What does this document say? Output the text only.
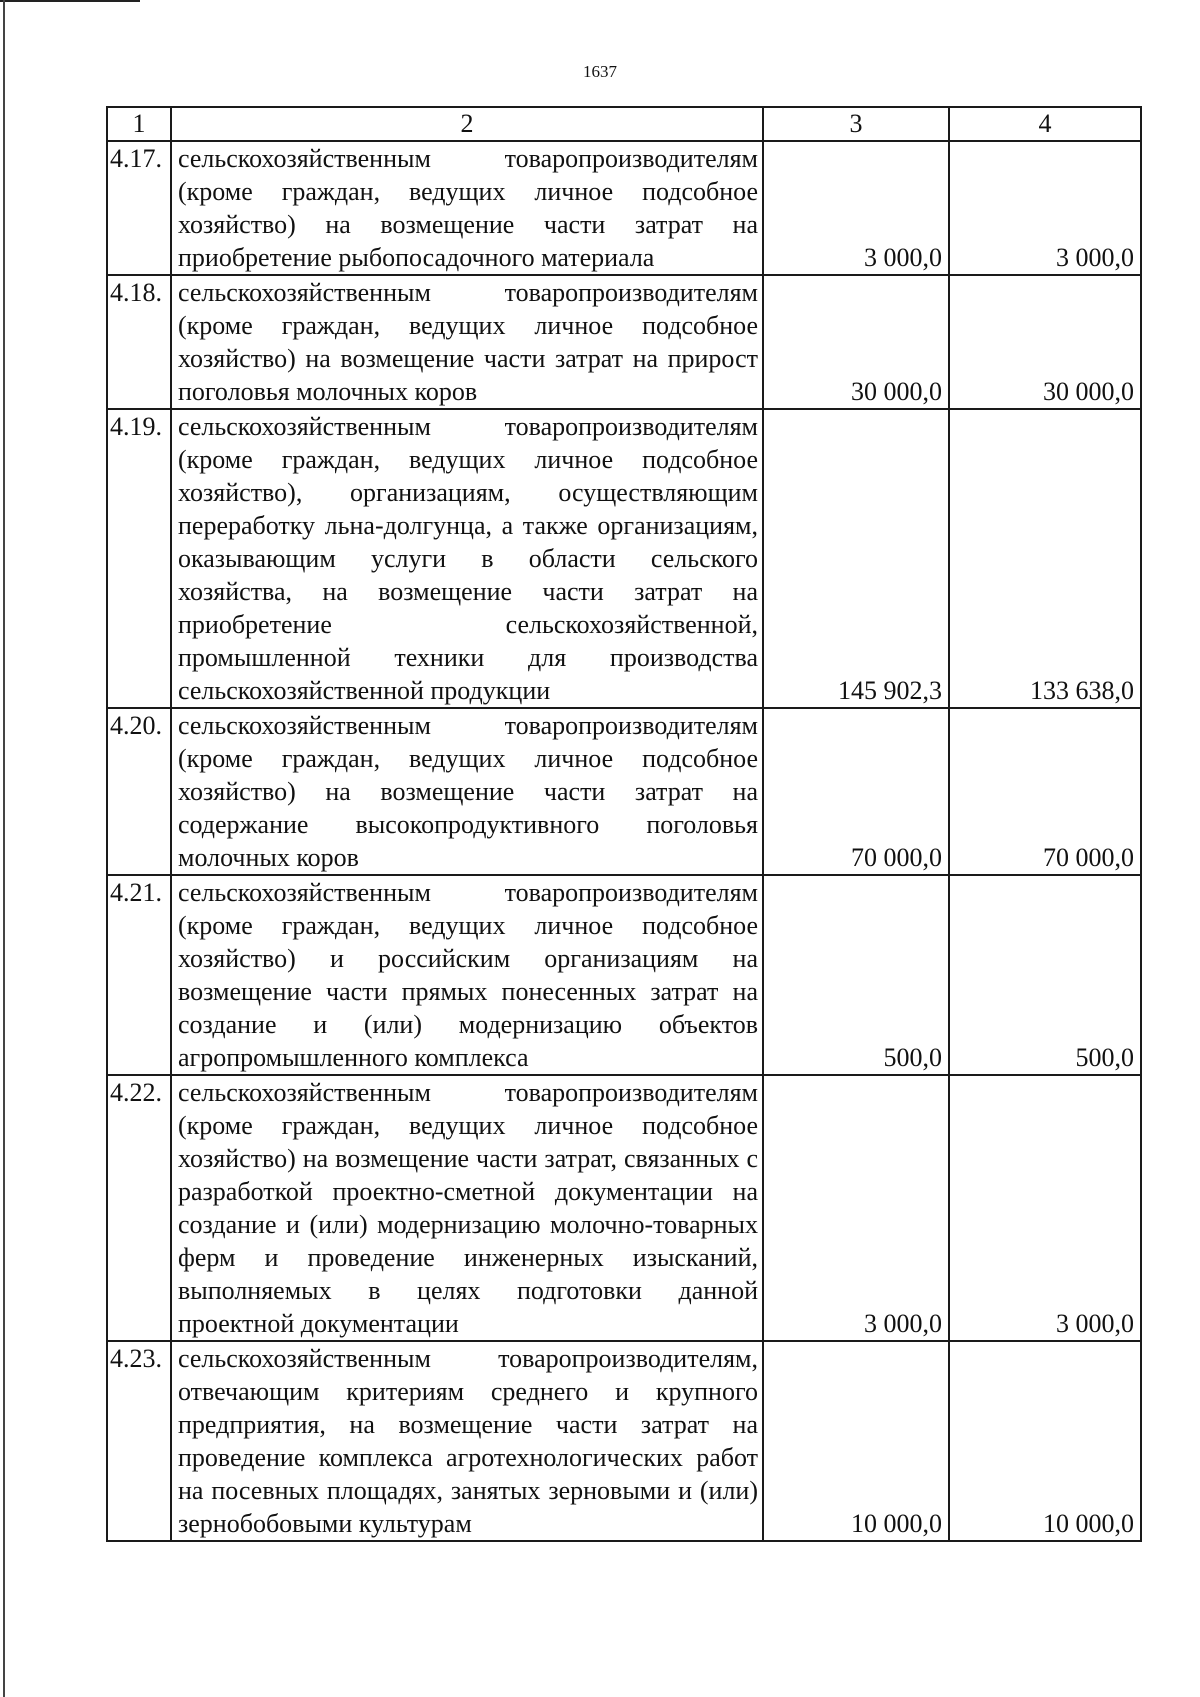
1637
1	2	3	4
4.17.	сельскохозяйственным товаропроизводителям (кроме граждан, ведущих личное подсобное хозяйство) на возмещение части затрат на приобретение рыбопосадочного материала	3 000,0	3 000,0
4.18.	сельскохозяйственным товаропроизводителям (кроме граждан, ведущих личное подсобное хозяйство) на возмещение части затрат на прирост поголовья молочных коров	30 000,0	30 000,0
4.19.	сельскохозяйственным товаропроизводителям (кроме граждан, ведущих личное подсобное хозяйство), организациям, осуществляющим переработку льна-долгунца, а также организациям, оказывающим услуги в области сельского хозяйства, на возмещение части затрат на приобретение сельскохозяйственной, промышленной техники для производства сельскохозяйственной продукции	145 902,3	133 638,0
4.20.	сельскохозяйственным товаропроизводителям (кроме граждан, ведущих личное подсобное хозяйство) на возмещение части затрат на содержание высокопродуктивного поголовья молочных коров	70 000,0	70 000,0
4.21.	сельскохозяйственным товаропроизводителям (кроме граждан, ведущих личное подсобное хозяйство) и российским организациям на возмещение части прямых понесенных затрат на создание и (или) модернизацию объектов агропромышленного комплекса	500,0	500,0
4.22.	сельскохозяйственным товаропроизводителям (кроме граждан, ведущих личное подсобное хозяйство) на возмещение части затрат, связанных с разработкой проектно-сметной документации на создание и (или) модернизацию молочно-товарных ферм и проведение инженерных изысканий, выполняемых в целях подготовки данной проектной документации	3 000,0	3 000,0
4.23.	сельскохозяйственным товаропроизводителям, отвечающим критериям среднего и крупного предприятия, на возмещение части затрат на проведение комплекса агротехнологических работ на посевных площадях, занятых зерновыми и (или) зернобобовыми культурам	10 000,0	10 000,0
